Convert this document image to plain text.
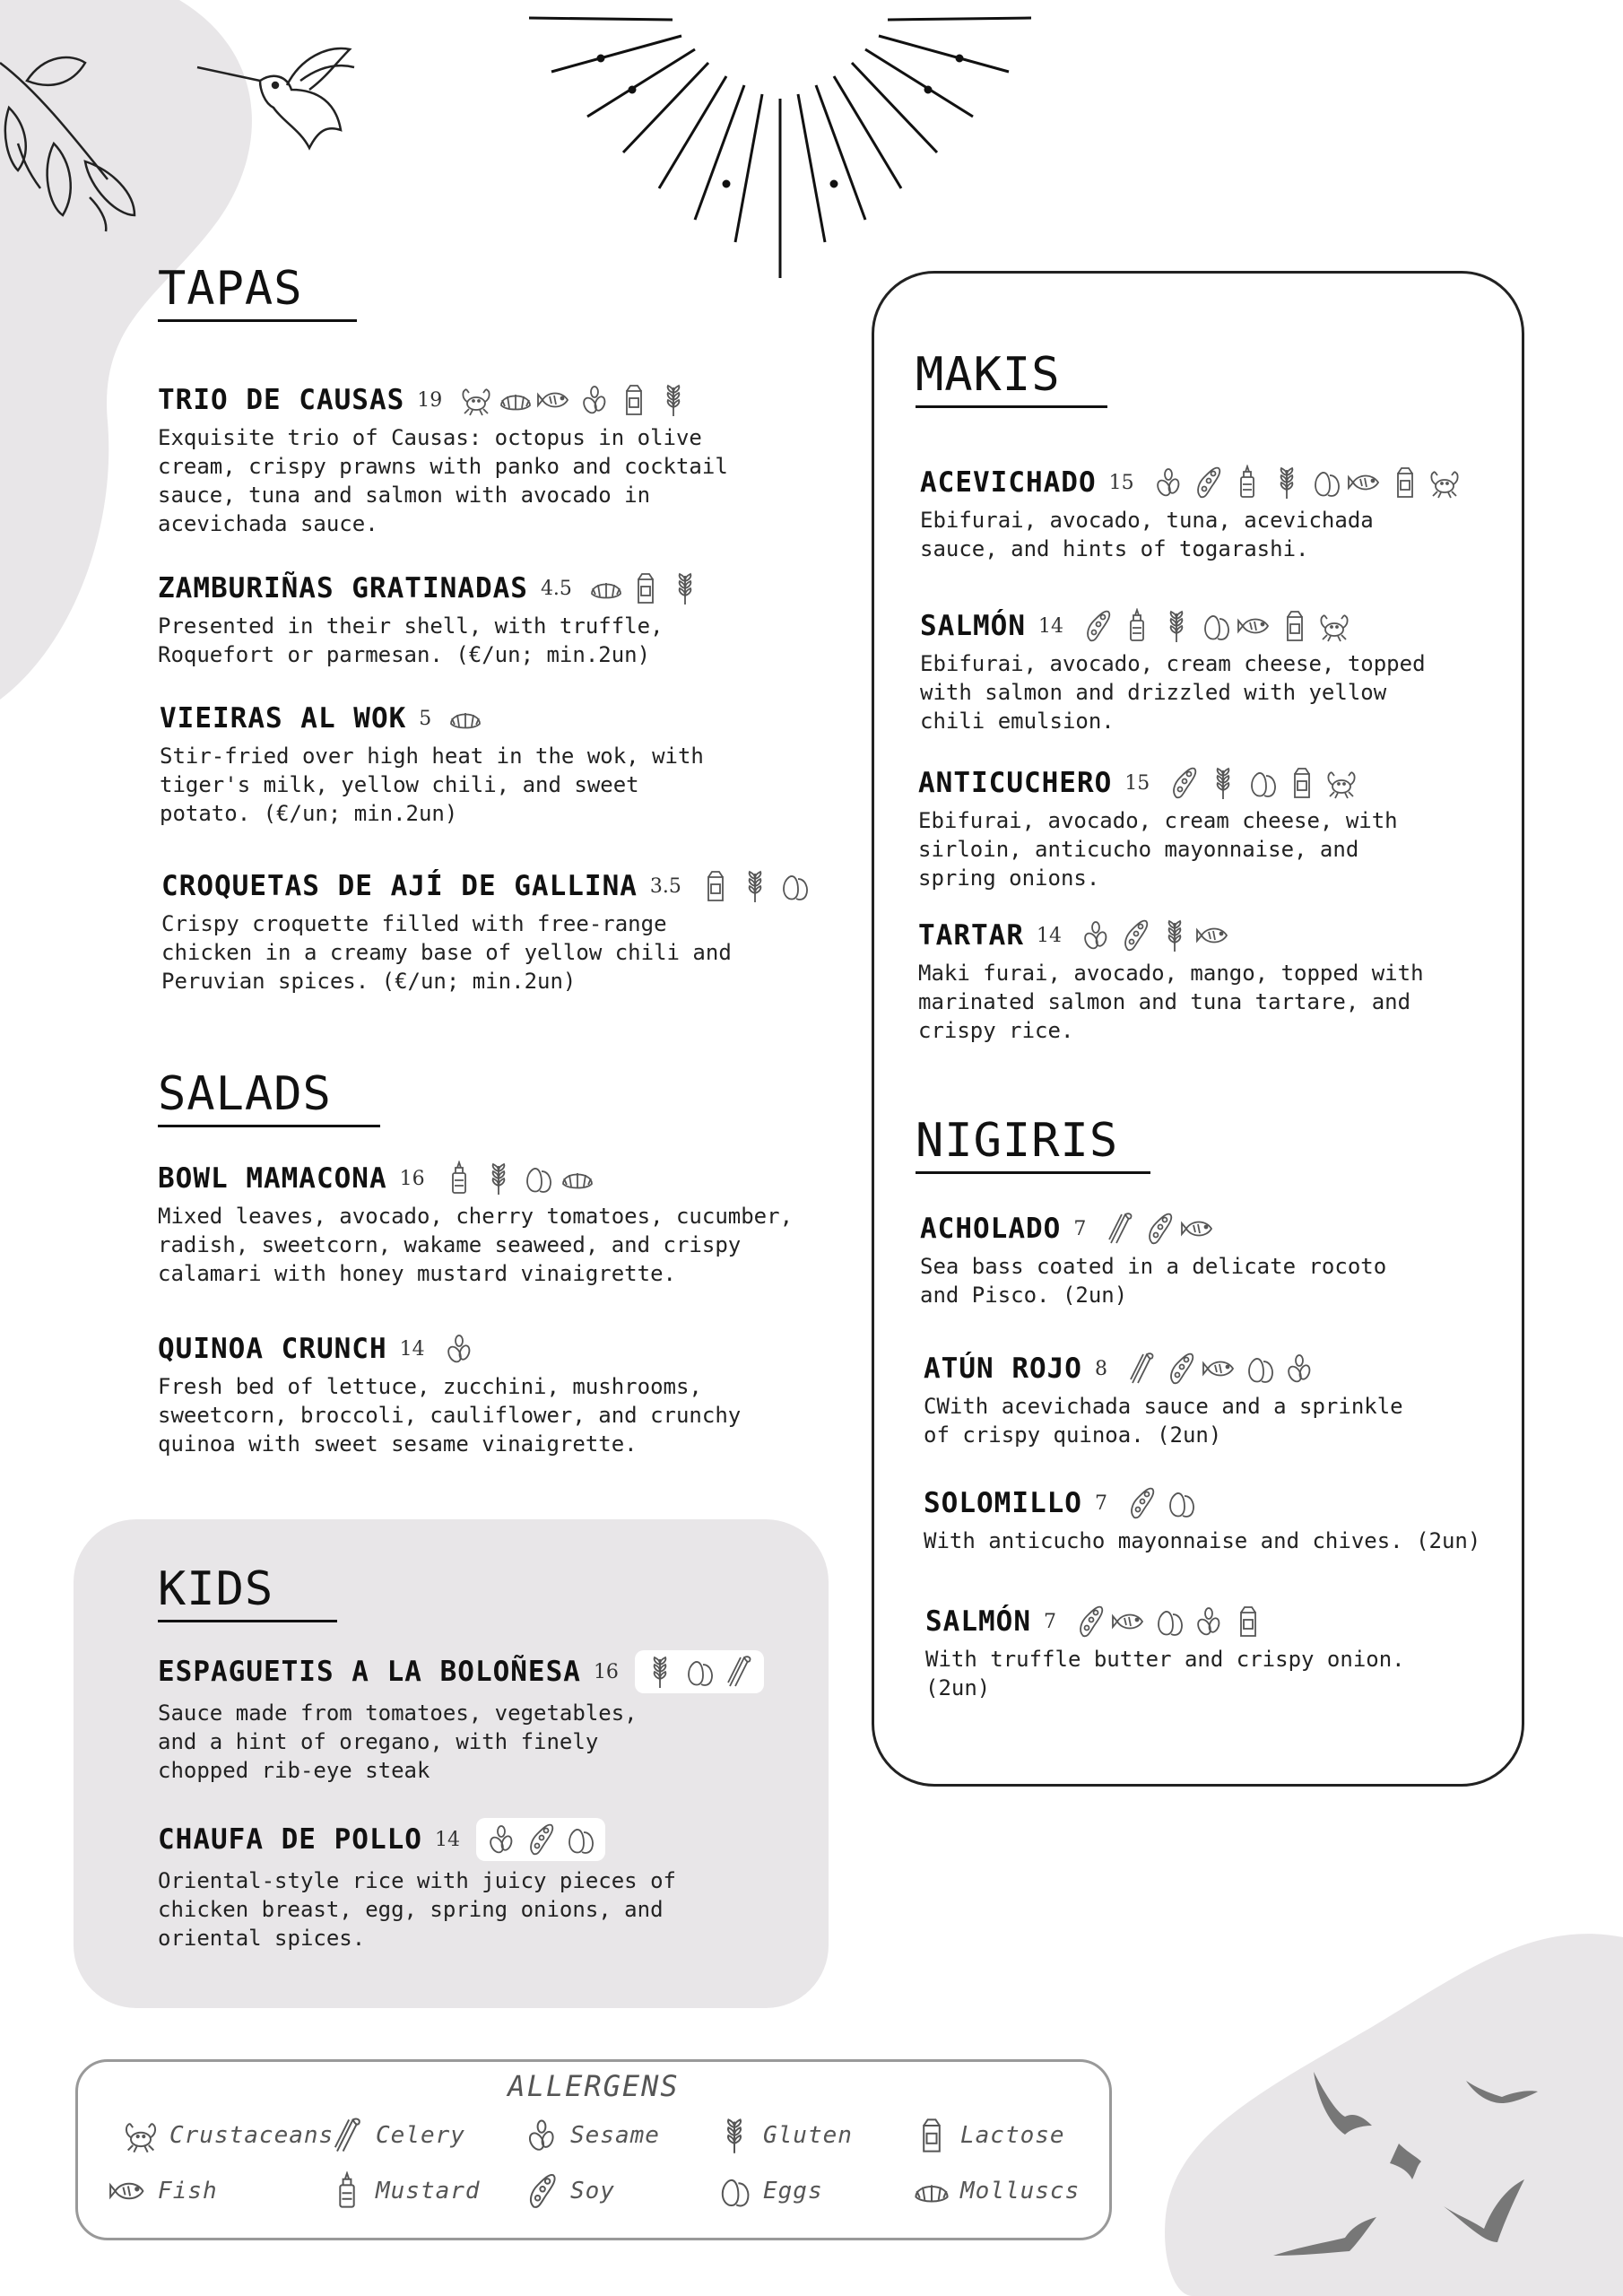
TAPAS
SALADS
KIDS
MAKIS
NIGIRIS
TRIO DE CAUSAS 19
Exquisite trio of Causas: octopus in olive
cream, crispy prawns with panko and cocktail
sauce, tuna and salmon with avocado in
acevichada sauce.
ZAMBURIÑAS GRATINADAS 4.5
Presented in their shell, with truffle,
Roquefort or parmesan. (€/un; min.2un)
VIEIRAS AL WOK 5
Stir-fried over high heat in the wok, with
tiger's milk, yellow chili, and sweet
potato. (€/un; min.2un)
CROQUETAS DE AJÍ DE GALLINA 3.5
Crispy croquette filled with free-range
chicken in a creamy base of yellow chili and
Peruvian spices. (€/un; min.2un)
BOWL MAMACONA 16
Mixed leaves, avocado, cherry tomatoes, cucumber,
radish, sweetcorn, wakame seaweed, and crispy
calamari with honey mustard vinaigrette.
QUINOA CRUNCH 14
Fresh bed of lettuce, zucchini, mushrooms,
sweetcorn, broccoli, cauliflower, and crunchy
quinoa with sweet sesame vinaigrette.
ESPAGUETIS A LA BOLOÑESA 16
Sauce made from tomatoes, vegetables,
and a hint of oregano, with finely
chopped rib-eye steak
CHAUFA DE POLLO 14
Oriental-style rice with juicy pieces of
chicken breast, egg, spring onions, and
oriental spices.
ACEVICHADO 15
Ebifurai, avocado, tuna, acevichada
sauce, and hints of togarashi.
SALMÓN 14
Ebifurai, avocado, cream cheese, topped
with salmon and drizzled with yellow
chili emulsion.
ANTICUCHERO 15
Ebifurai, avocado, cream cheese, with
sirloin, anticucho mayonnaise, and
spring onions.
TARTAR 14
Maki furai, avocado, mango, topped with
marinated salmon and tuna tartare, and
crispy rice.
ACHOLADO 7
Sea bass coated in a delicate rocoto
and Pisco. (2un)
ATÚN ROJO 8
CWith acevichada sauce and a sprinkle
of crispy quinoa. (2un)
SOLOMILLO 7
With anticucho mayonnaise and chives. (2un)
SALMÓN 7
With truffle butter and crispy onion.
(2un)
ALLERGENS
Crustaceans Celery	Sesame	Gluten	Lactose
Fish	Mustard	Soy	Eggs	Molluscs
